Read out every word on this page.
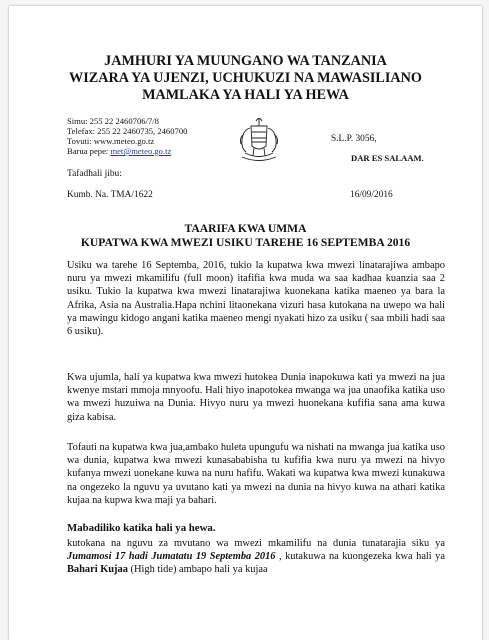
JAMHURI YA MUUNGANO WA TANZANIA
WIZARA YA UJENZI, UCHUKUZI NA MAWASILIANO
MAMLAKA YA HALI YA HEWA
Simu: 255 22 2460706/7/8
Telefax: 255 22 2460735, 2460700
Tovuti: www.meteo.go.tz
Barua pepe: met@meteo.go.tz
S.L.P. 3056,
DAR ES SALAAM.
Tafadhali jibu:
Kumb. Na. TMA/1622	16/09/2016
TAARIFA KWA UMMA
KUPATWA KWA MWEZI USIKU TAREHE 16 SEPTEMBA 2016
Usiku wa tarehe 16 Septemba, 2016, tukio la kupatwa kwa mwezi linatarajiwa ambapo nuru ya mwezi mkamilifu (full moon) itafifia kwa muda wa saa kadhaa kuanzia saa 2 usiku. Tukio la kupatwa kwa mwezi linatarajiwa kuonekana katika maeneo ya bara la Afrika, Asia na Australia.Hapa nchini litaonekana vizuri hasa kutokana na uwepo wa hali ya mawingu kidogo angani katika maeneo mengi nyakati hizo za usiku ( saa mbili hadi saa 6 usiku).
Kwa ujumla, hali ya kupatwa kwa mwezi hutokea Dunia inapokuwa kati ya mwezi na jua kwenye mstari mmoja mnyoofu. Hali hiyo inapotokea mwanga wa jua unaofika katika uso wa mwezi huzuiwa na Dunia. Hivyo nuru ya mwezi huonekana kufifia sana ama kuwa giza kabisa.
Tofauti na kupatwa kwa jua,ambako huleta upungufu wa nishati na mwanga jua katika uso wa dunia, kupatwa kwa mwezi kunasababisha tu kufifia kwa nuru ya mwezi na hivyo kufanya mwezi uonekane kuwa na nuru hafifu. Wakati wa kupatwa kwa mwezi kunakuwa na ongezeko la nguvu ya uvutano kati ya mwezi na dunia na hivyo kuwa na athari katika kujaa na kupwa kwa maji ya bahari.
Mabadiliko katika hali ya hewa.
kutokana na nguvu za mvutano wa mwezi mkamilifu na dunia tunatarajia siku ya Jumamosi 17 hadi Jumatatu 19 Septemba 2016 , kutakuwa na kuongezeka kwa hali ya Bahari Kujaa (High tide) ambapo hali ya kujaa
